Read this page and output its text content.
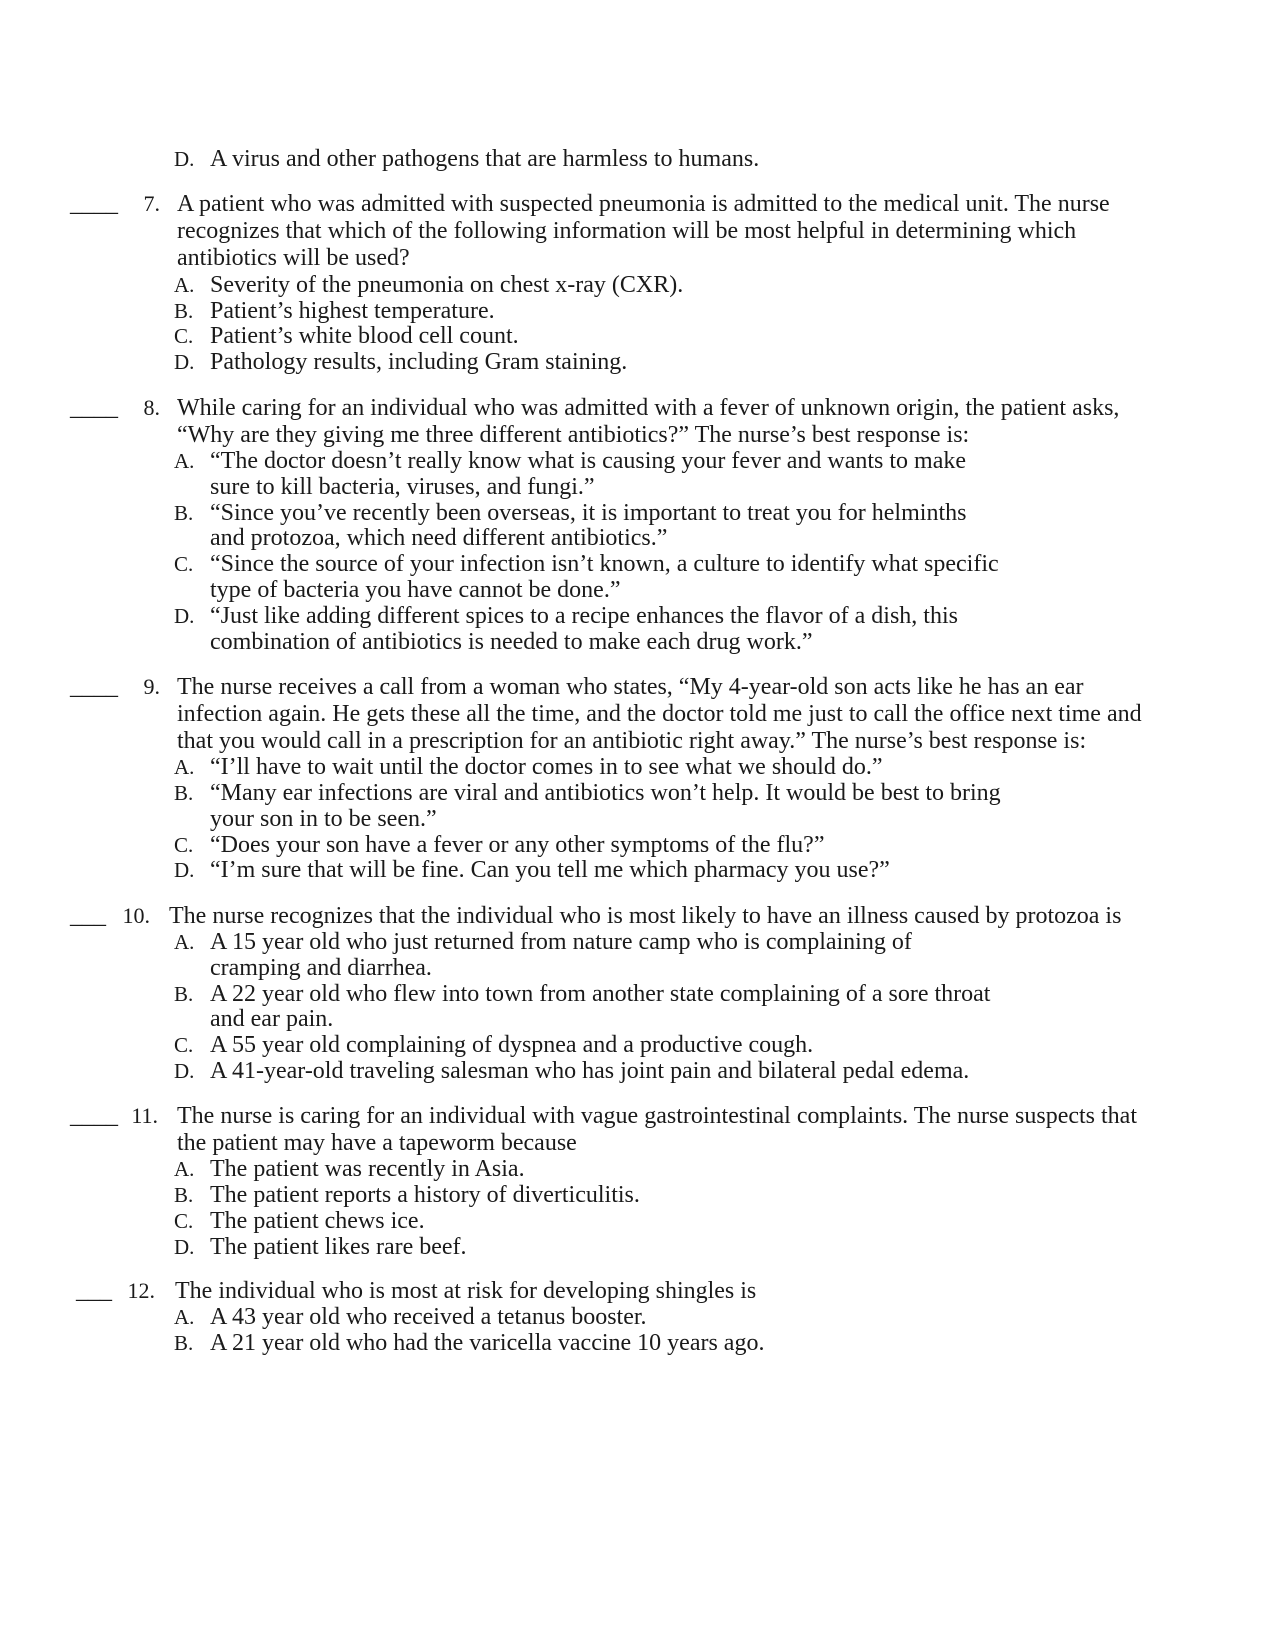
D. A virus and other pathogens that are harmless to humans.
____	7. A patient who was admitted with suspected pneumonia is admitted to the medical unit. The nurse
recognizes that which of the following information will be most helpful in determining which
antibiotics will be used?
A. Severity of the pneumonia on chest x-ray (CXR).
B. Patient’s highest temperature.
C. Patient’s white blood cell count.
D. Pathology results, including Gram staining.
____	8. While caring for an individual who was admitted with a fever of unknown origin, the patient asks,
“Why are they giving me three different antibiotics?” The nurse’s best response is:
A. “The doctor doesn’t really know what is causing your fever and wants to make
sure to kill bacteria, viruses, and fungi.”
B. “Since you’ve recently been overseas, it is important to treat you for helminths
and protozoa, which need different antibiotics.”
C. “Since the source of your infection isn’t known, a culture to identify what specific
type of bacteria you have cannot be done.”
D. “Just like adding different spices to a recipe enhances the flavor of a dish, this
combination of antibiotics is needed to make each drug work.”
____	9. The nurse receives a call from a woman who states, “My 4-year-old son acts like he has an ear
infection again. He gets these all the time, and the doctor told me just to call the office next time and
that you would call in a prescription for an antibiotic right away.” The nurse’s best response is:
A. “I’ll have to wait until the doctor comes in to see what we should do.”
B. “Many ear infections are viral and antibiotics won’t help. It would be best to bring
your son in to be seen.”
C. “Does your son have a fever or any other symptoms of the flu?”
D. “I’m sure that will be fine. Can you tell me which pharmacy you use?”
___ 10. The nurse recognizes that the individual who is most likely to have an illness caused by protozoa is
A. A 15 year old who just returned from nature camp who is complaining of
cramping and diarrhea.
B. A 22 year old who flew into town from another state complaining of a sore throat
and ear pain.
C. A 55 year old complaining of dyspnea and a productive cough.
D. A 41-year-old traveling salesman who has joint pain and bilateral pedal edema.
____ 11. The nurse is caring for an individual with vague gastrointestinal complaints. The nurse suspects that
the patient may have a tapeworm because
A. The patient was recently in Asia.
B. The patient reports a history of diverticulitis.
C. The patient chews ice.
D. The patient likes rare beef.
___ 12. The individual who is most at risk for developing shingles is
A. A 43 year old who received a tetanus booster.
B. A 21 year old who had the varicella vaccine 10 years ago.
